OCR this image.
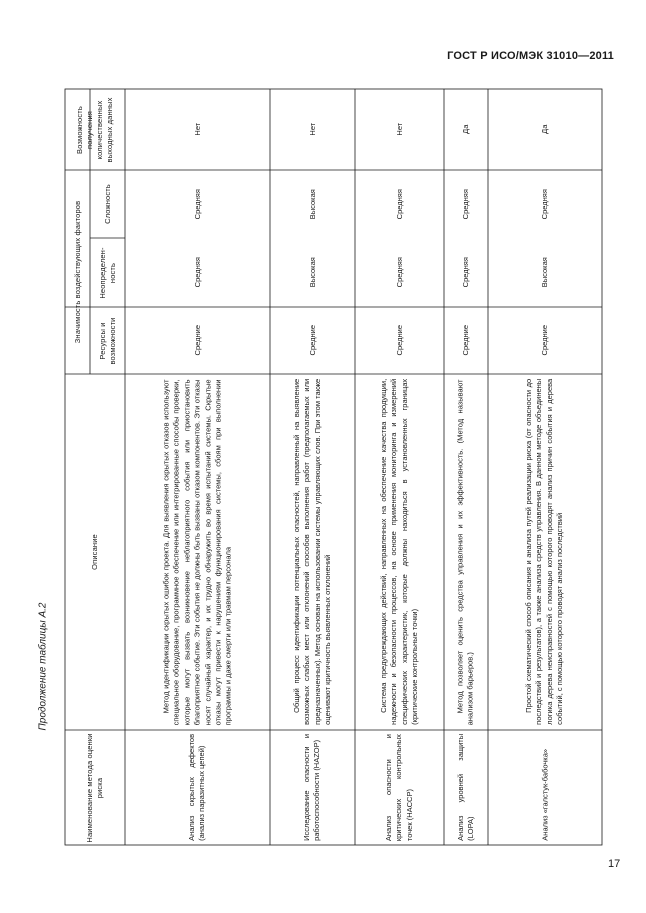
ГОСТ Р ИСО/МЭК 31010—2011
Продолжение таблицы А.2
Наименование метода оценки риска
Описание
Значимость воздействующих факторов Ресурсы и возможности
Неопределен-ность
Сложность
Возможность получения количественных выходных данных
Анализ скрытых дефектов (анализ паразитных цепей)
Метод идентификации скрытых ошибок проекта. Для выявления скрытых отказов используют специальное оборудование, программное обеспечение или интегрированные способы проверки, которые могут вызвать возникновение неблагоприятного события или приостановить благоприятное событие. Эти события не должны быть вызваны отказом компонентов. Эти отказы носят случайный характер, и их трудно обнаружить во время испытаний системы. Скрытые отказы могут привести к нарушениям функционирования системы, сбоям при выполнении программы и даже смерти или травмам персонала
Средние
Средняя
Средняя
Нет
Исследование опасности и работоспособности (HAZOP)
Общий процесс идентификации потенциальных опасностей, направленный на выявление возможных слабых мест или отклонений способов выполнения работ (предполагаемых или предназначенных). Метод основан на использовании системы управляющих слов. При этом также оценивают критичность выявленных отклонений
Средние
Высокая
Высокая
Нет
Анализ опасности и критических контрольных точек (HACCP)
Система предупреждающих действий, направленных на обеспечение качества продукции, надежности и безопасности процессов, на основе применения мониторинга и измерений специфических характеристик, которые должны находиться в установленных границах (критические контрольные точки)
Средние
Средняя
Средняя
Нет
Анализ уровней защиты (LOPA)
Метод позволяет оценить средства управления и их эффективность. (Метод называют анализом барьеров.)
Средние
Средняя
Средняя
Да
Анализ «галстук-бабочка»
Простой схематический способ описания и анализа путей реализации риска (от опасности до последствий и результатов), а также анализа средств управления. В данном методе объединены логика дерева неисправностей с помощью которого проводят анализ причин события и дерева событий, с помощью которого проводят анализ последствий
Средние
Высокая
Средняя
Да
17
